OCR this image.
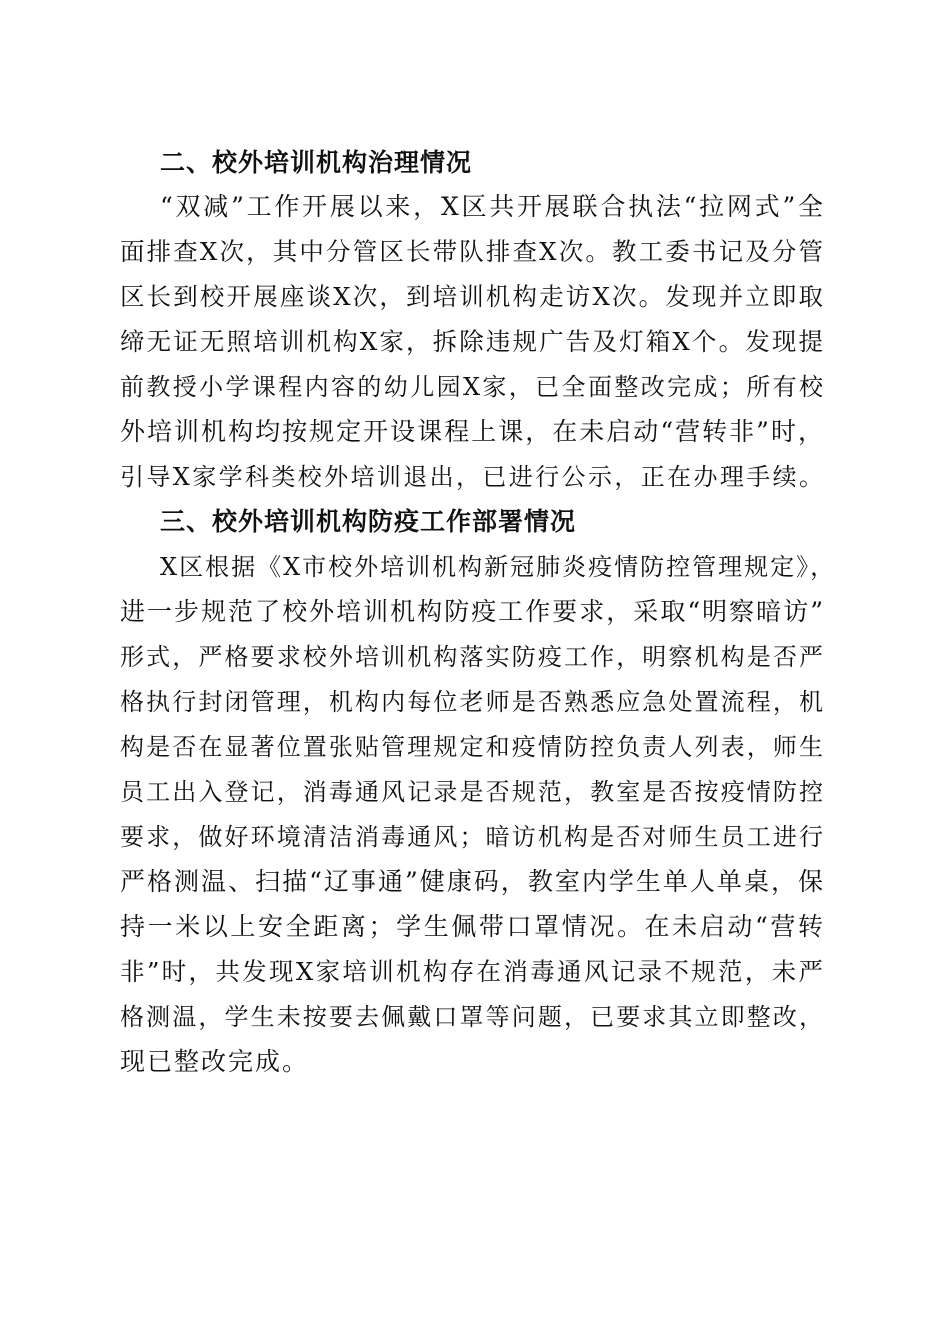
二、校外培训机构治理情况
“双减”工作开展以来，X区共开展联合执法“拉网式”全
面排查X次，其中分管区长带队排查X次。教工委书记及分管
区长到校开展座谈X次，到培训机构走访X次。发现并立即取
缔无证无照培训机构X家，拆除违规广告及灯箱X个。发现提
前教授小学课程内容的幼儿园X家，已全面整改完成；所有校
外培训机构均按规定开设课程上课，在未启动“营转非”时，
引导X家学科类校外培训退出，已进行公示，正在办理手续。
三、校外培训机构防疫工作部署情况
X区根据《X市校外培训机构新冠肺炎疫情防控管理规定》，
进一步规范了校外培训机构防疫工作要求，采取“明察暗访”
形式，严格要求校外培训机构落实防疫工作，明察机构是否严
格执行封闭管理，机构内每位老师是否熟悉应急处置流程，机
构是否在显著位置张贴管理规定和疫情防控负责人列表，师生
员工出入登记，消毒通风记录是否规范，教室是否按疫情防控
要求，做好环境清洁消毒通风；暗访机构是否对师生员工进行
严格测温、扫描“辽事通”健康码，教室内学生单人单桌，保
持一米以上安全距离；学生佩带口罩情况。在未启动“营转
非”时，共发现X家培训机构存在消毒通风记录不规范，未严
格测温，学生未按要去佩戴口罩等问题，已要求其立即整改，
现已整改完成。
